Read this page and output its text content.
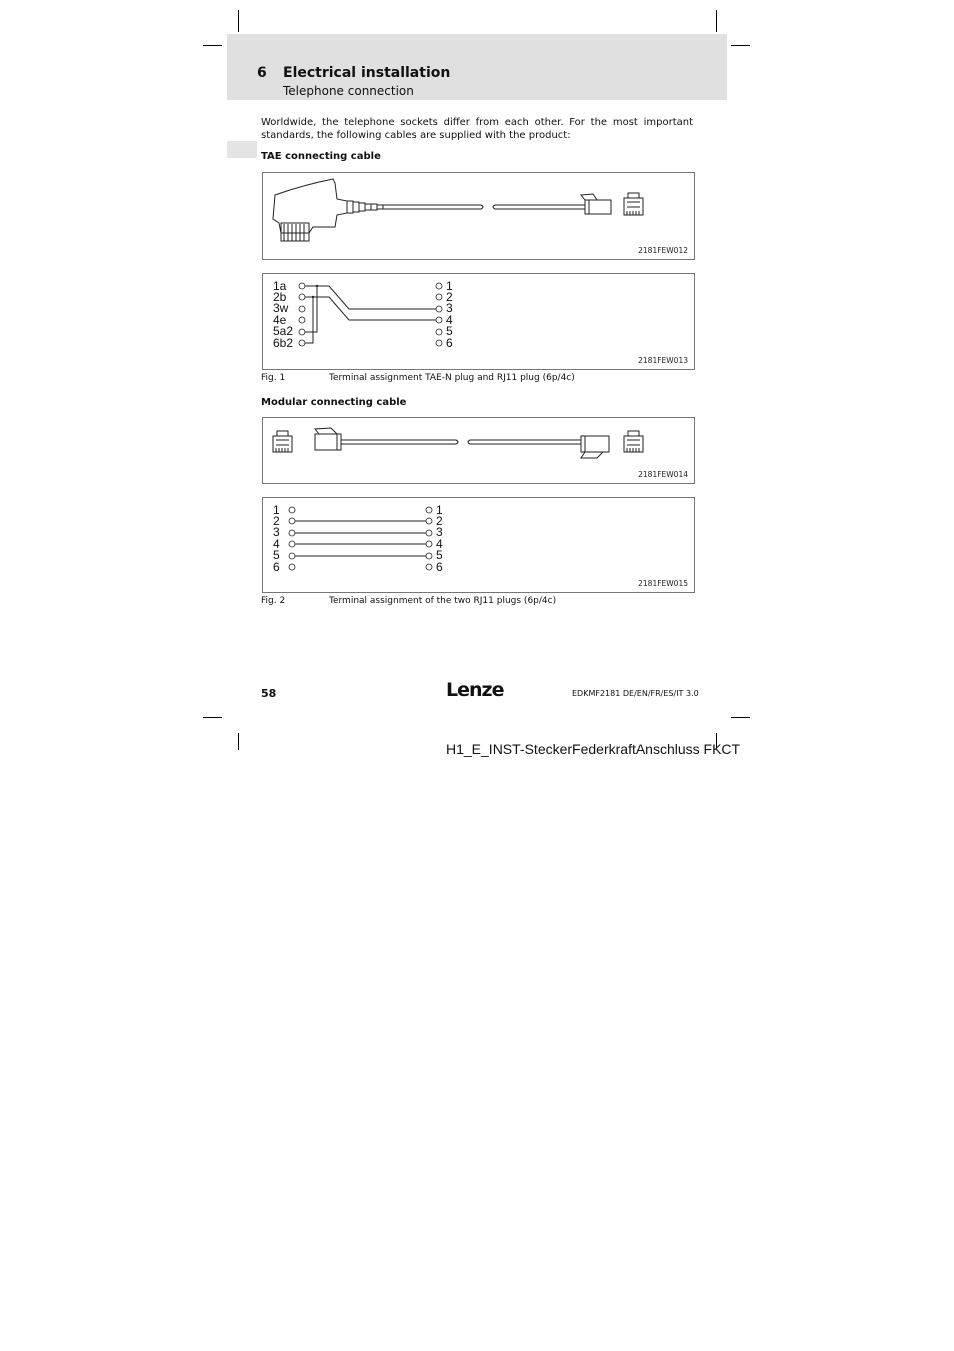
6 Electrical installation
Telephone connection
Worldwide, the telephone sockets differ from each other. For the most important standards, the following cables are supplied with the product:
TAE connecting cable
2181FEW012
1a
2b
3w
4e
5a2
6b2
1
2
3
4
5
6
2181FEW013
Fig. 1	Terminal assignment TAE-N plug and RJ11 plug (6p/4c)
Modular connecting cable
2181FEW014
1
2
3
4
5
6
1
2
3
4
5
6
2181FEW015
Fig. 2	Terminal assignment of the two RJ11 plugs (6p/4c)
58	Lenze	EDKMF2181 DE/EN/FR/ES/IT 3.0
H1_E_INST-SteckerFederkraftAnschluss FKCT
